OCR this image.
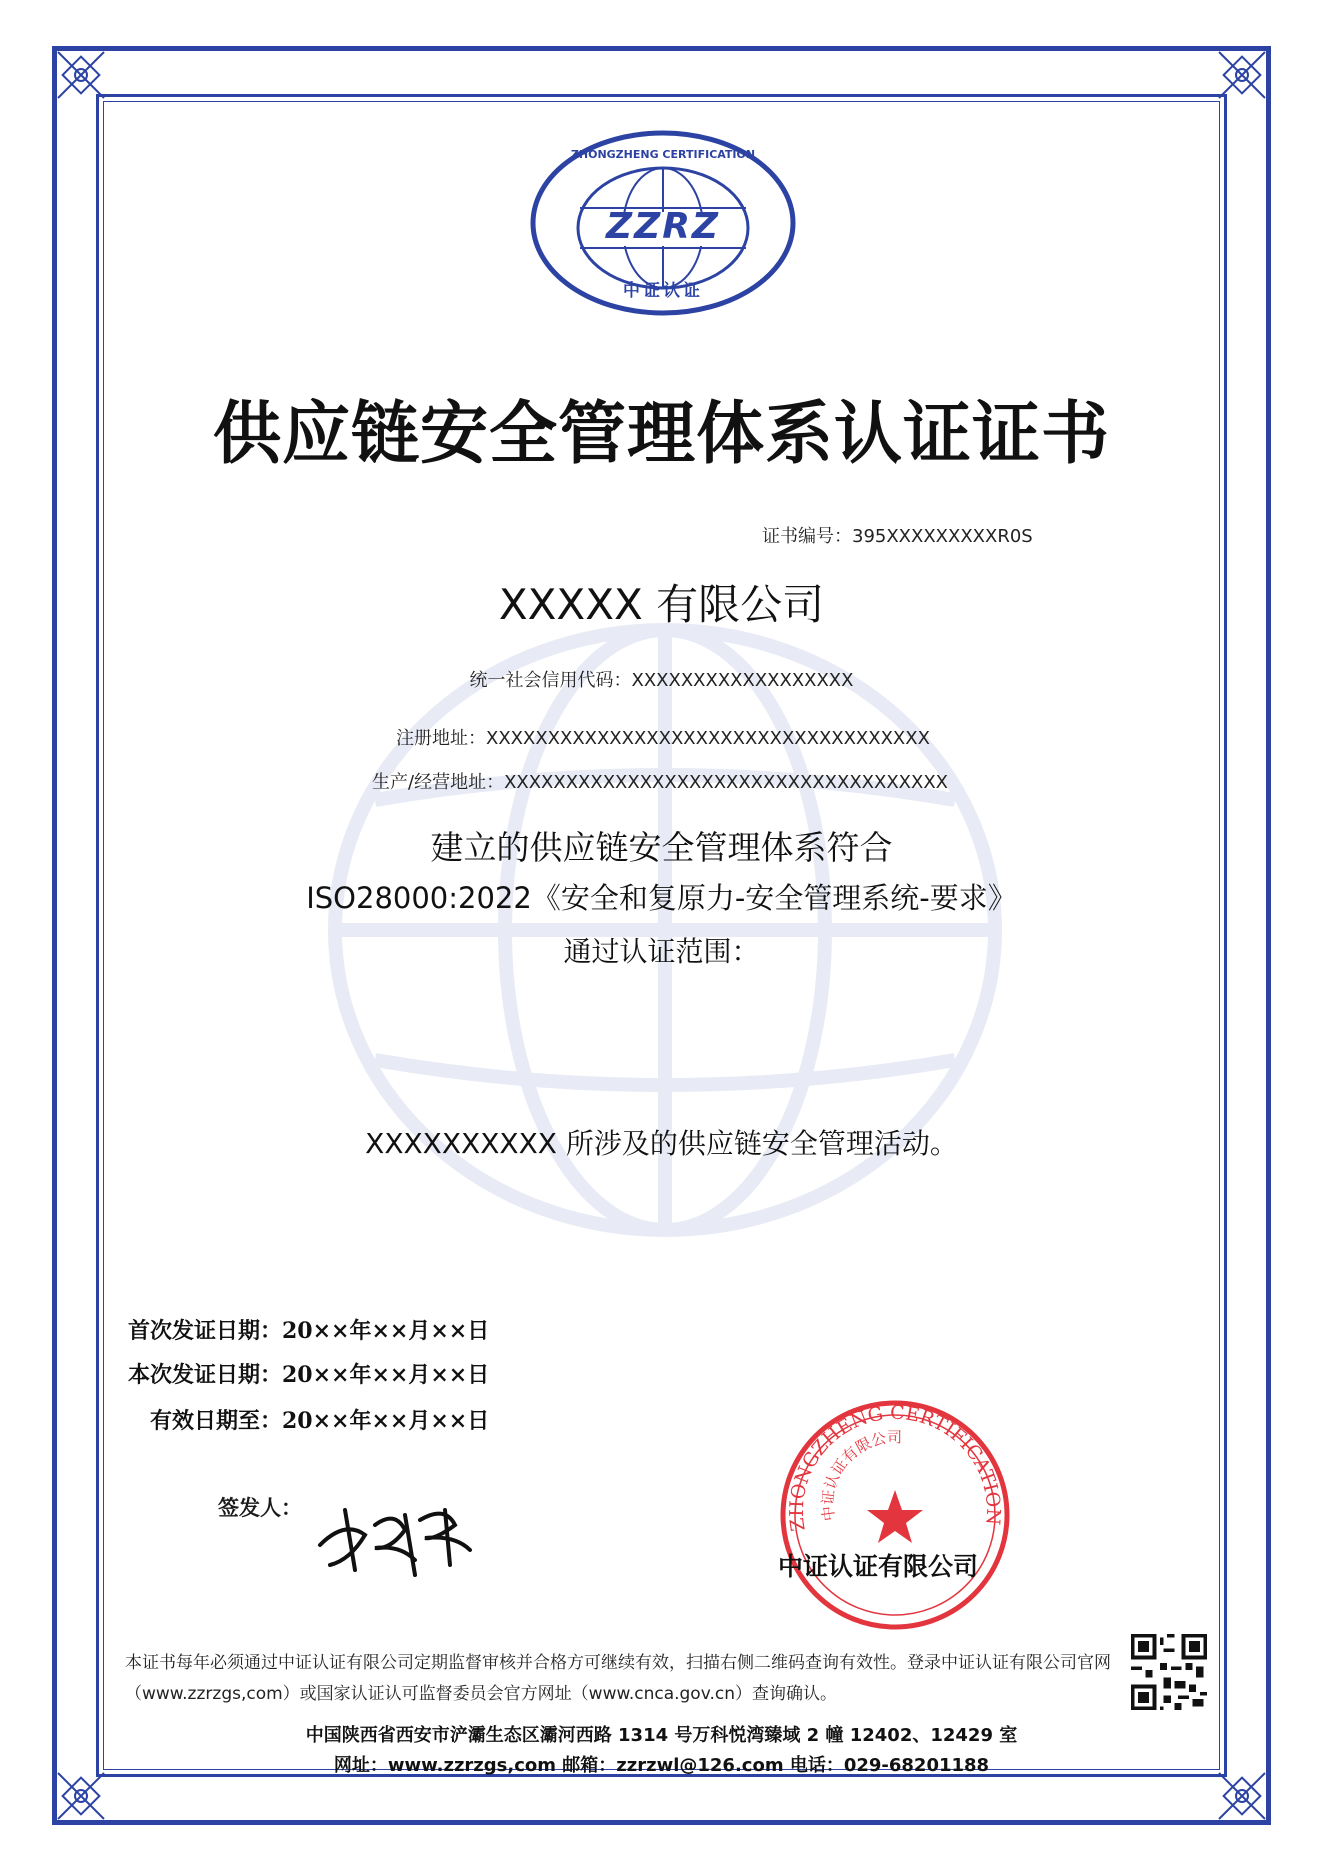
ZHONGZHENG CERTIFICATION
ZZRZ
中证认证
供应链安全管理体系认证证书
证书编号：395XXXXXXXXXR0S
XXXXX 有限公司
统一社会信用代码：XXXXXXXXXXXXXXXXXX
注册地址：XXXXXXXXXXXXXXXXXXXXXXXXXXXXXXXXXXXX
生产/经营地址：XXXXXXXXXXXXXXXXXXXXXXXXXXXXXXXXXXXX
建立的供应链安全管理体系符合
ISO28000:2022《安全和复原力-安全管理系统-要求》
通过认证范围：
XXXXXXXXXX 所涉及的供应链安全管理活动。
首次发证日期：20××年××月××日
本次发证日期：20××年××月××日
有效日期至：20××年××月××日
签发人：
ZHONGZHENG CERTIFICATION
中证认证有限公司
中证认证有限公司
本证书每年必须通过中证认证有限公司定期监督审核并合格方可继续有效，扫描右侧二维码查询有效性。登录中证认证有限公司官网（www.zzrzgs,com）或国家认证认可监督委员会官方网址（www.cnca.gov.cn）查询确认。
中国陕西省西安市浐灞生态区灞河西路 1314 号万科悦湾臻域 2 幢 12402、12429 室
网址：www.zzrzgs,com 邮箱：zzrzwl@126.com 电话：029-68201188
